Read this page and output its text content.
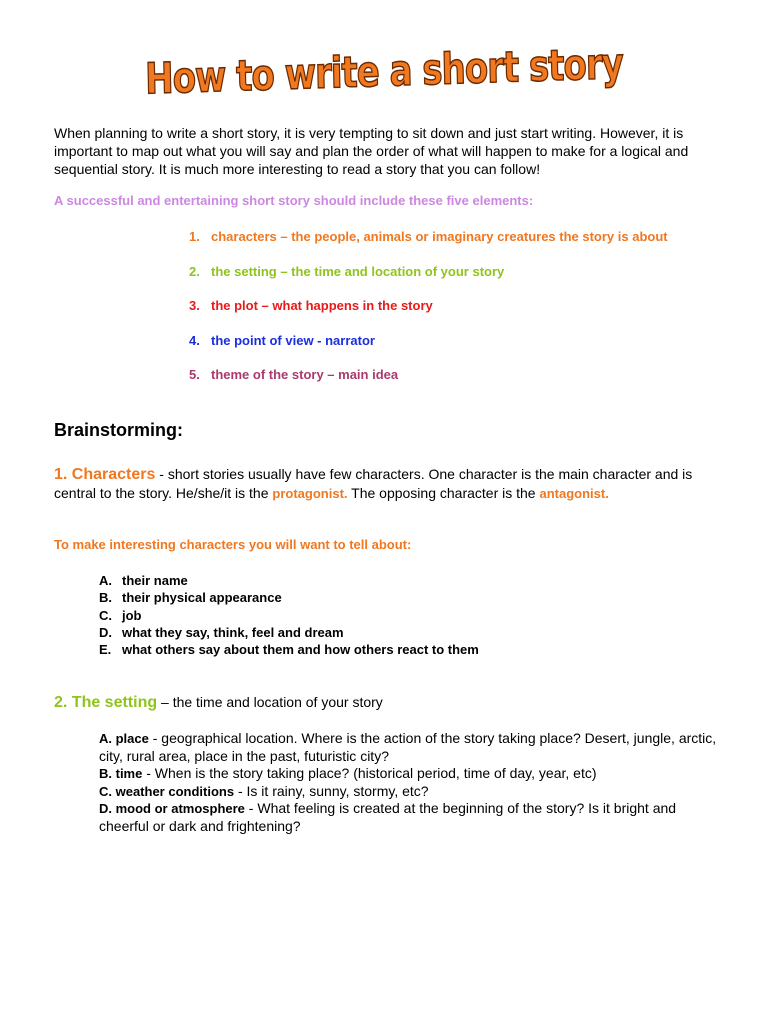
How to write a short story
When planning to write a short story, it is very tempting to sit down and just start writing. However, it is important to map out what you will say and plan the order of what will happen to make for a logical and sequential story. It is much more interesting to read a story that you can follow!
A successful and entertaining short story should include these five elements:
1. characters – the people, animals or imaginary creatures the story is about
2. the setting – the time and location of your story
3. the plot – what happens in the story
4. the point of view - narrator
5. theme of the story – main idea
Brainstorming:
1. Characters - short stories usually have few characters. One character is the main character and is central to the story. He/she/it is the protagonist. The opposing character is the antagonist.
To make interesting characters you will want to tell about:
A. their name
B. their physical appearance
C. job
D. what they say, think, feel and dream
E. what others say about them and how others react to them
2. The setting – the time and location of your story
A. place - geographical location. Where is the action of the story taking place? Desert, jungle, arctic, city, rural area, place in the past, futuristic city?
B. time - When is the story taking place? (historical period, time of day, year, etc)
C. weather conditions - Is it rainy, sunny, stormy, etc?
D. mood or atmosphere - What feeling is created at the beginning of the story? Is it bright and cheerful or dark and frightening?
